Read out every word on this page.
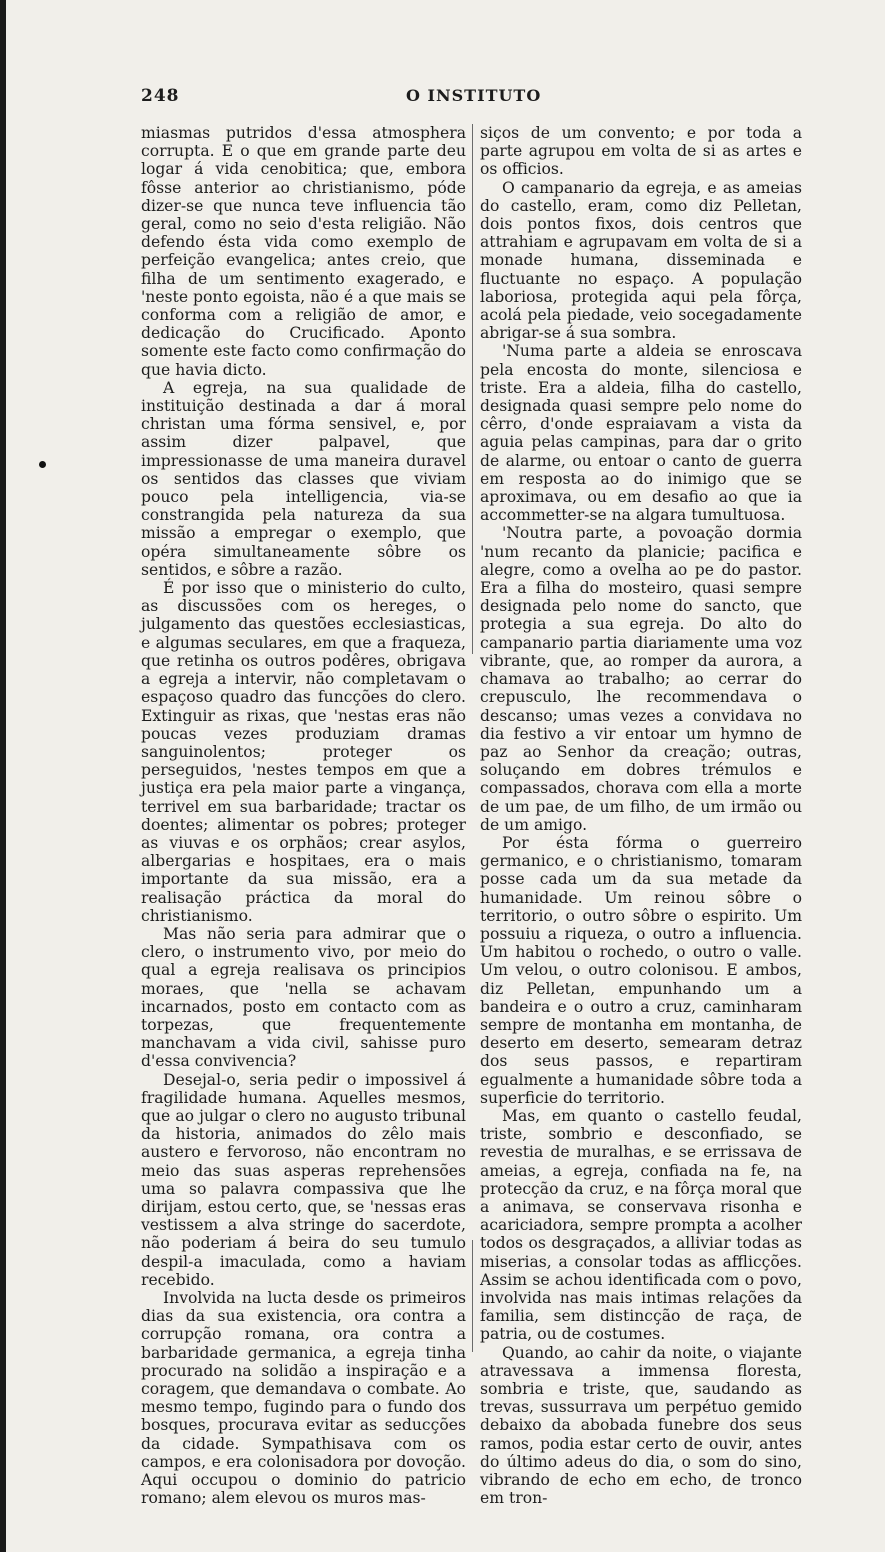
248	O INSTITUTO

miasmas putridos d'essa atmosphera corrupta. E o que em grande parte deu logar á vida cenobitica; que, embora fôsse anterior ao christianismo, póde dizer-se que nunca teve influencia tão geral, como no seio d'esta religião. Não defendo ésta vida como exemplo de perfeição evangelica; antes creio, que filha de um sentimento exagerado, e 'neste ponto egoista, não é a que mais se conforma com a religião de amor, e dedicação do Crucificado. Aponto somente este facto como confirmação do que havia dicto.

A egreja, na sua qualidade de instituição destinada a dar á moral christan uma fórma sensivel, e, por assim dizer palpavel, que impressionasse de uma maneira duravel os sentidos das classes que viviam pouco pela intelligencia, via-se constrangida pela natureza da sua missão a empregar o exemplo, que opéra simultaneamente sôbre os sentidos, e sôbre a razão.

É por isso que o ministerio do culto, as discussões com os hereges, o julgamento das questões ecclesiasticas, e algumas seculares, em que a fraqueza, que retinha os outros podêres, obrigava a egreja a intervir, não completavam o espaçoso quadro das funcções do clero. Extinguir as rixas, que 'nestas eras não poucas vezes produziam dramas sanguinolentos; proteger os perseguidos, 'nestes tempos em que a justiça era pela maior parte a vingança, terrivel em sua barbaridade; tractar os doentes; alimentar os pobres; proteger as viuvas e os orphãos; crear asylos, albergarias e hospitaes, era o mais importante da sua missão, era a realisação práctica da moral do christianismo.

Mas não seria para admirar que o clero, o instrumento vivo, por meio do qual a egreja realisava os principios moraes, que 'nella se achavam incarnados, posto em contacto com as torpezas, que frequentemente manchavam a vida civil, sahisse puro d'essa convivencia?

Desejal-o, seria pedir o impossivel á fragilidade humana. Aquelles mesmos, que ao julgar o clero no augusto tribunal da historia, animados do zêlo mais austero e fervoroso, não encontram no meio das suas asperas reprehensões uma so palavra compassiva que lhe dirijam, estou certo, que, se 'nessas eras vestissem a alva stringe do sacerdote, não poderiam á beira do seu tumulo despil-a imaculada, como a haviam recebido.

Involvida na lucta desde os primeiros dias da sua existencia, ora contra a corrupção romana, ora contra a barbaridade germanica, a egreja tinha procurado na solidão a inspiração e a coragem, que demandava o combate. Ao mesmo tempo, fugindo para o fundo dos bosques, procurava evitar as seducções da cidade. Sympathisava com os campos, e era colonisadora por dovoção. Aqui occupou o dominio do patricio romano; alem elevou os muros mas-

siços de um convento; e por toda a parte agrupou em volta de si as artes e os officios.

O campanario da egreja, e as ameias do castello, eram, como diz Pelletan, dois pontos fixos, dois centros que attrahiam e agrupavam em volta de si a monade humana, disseminada e fluctuante no espaço. A população laboriosa, protegida aqui pela fôrça, acolá pela piedade, veio socegadamente abrigar-se á sua sombra.

'Numa parte a aldeia se enroscava pela encosta do monte, silenciosa e triste. Era a aldeia, filha do castello, designada quasi sempre pelo nome do cêrro, d'onde espraiavam a vista da aguia pelas campinas, para dar o grito de alarme, ou entoar o canto de guerra em resposta ao do inimigo que se aproximava, ou em desafio ao que ia accommetter-se na algara tumultuosa.

'Noutra parte, a povoação dormia 'num recanto da planicie; pacifica e alegre, como a ovelha ao pe do pastor. Era a filha do mosteiro, quasi sempre designada pelo nome do sancto, que protegia a sua egreja. Do alto do campanario partia diariamente uma voz vibrante, que, ao romper da aurora, a chamava ao trabalho; ao cerrar do crepusculo, lhe recommendava o descanso; umas vezes a convidava no dia festivo a vir entoar um hymno de paz ao Senhor da creação; outras, soluçando em dobres trémulos e compassados, chorava com ella a morte de um pae, de um filho, de um irmão ou de um amigo.

Por ésta fórma o guerreiro germanico, e o christianismo, tomaram posse cada um da sua metade da humanidade. Um reinou sôbre o territorio, o outro sôbre o espirito. Um possuiu a riqueza, o outro a influencia. Um habitou o rochedo, o outro o valle. Um velou, o outro colonisou. E ambos, diz Pelletan, empunhando um a bandeira e o outro a cruz, caminharam sempre de montanha em montanha, de deserto em deserto, semearam detraz dos seus passos, e repartiram egualmente a humanidade sôbre toda a superficie do territorio.

Mas, em quanto o castello feudal, triste, sombrio e desconfiado, se revestia de muralhas, e se errissava de ameias, a egreja, confiada na fe, na protecção da cruz, e na fôrça moral que a animava, se conservava risonha e acariciadora, sempre prompta a acolher todos os desgraçados, a alliviar todas as miserias, a consolar todas as afflicções. Assim se achou identificada com o povo, involvida nas mais intimas relações da familia, sem distincção de raça, de patria, ou de costumes.

Quando, ao cahir da noite, o viajante atravessava a immensa floresta, sombria e triste, que, saudando as trevas, sussurrava um perpétuo gemido debaixo da abobada funebre dos seus ramos, podia estar certo de ouvir, antes do último adeus do dia, o som do sino, vibrando de echo em echo, de tronco em tron-
